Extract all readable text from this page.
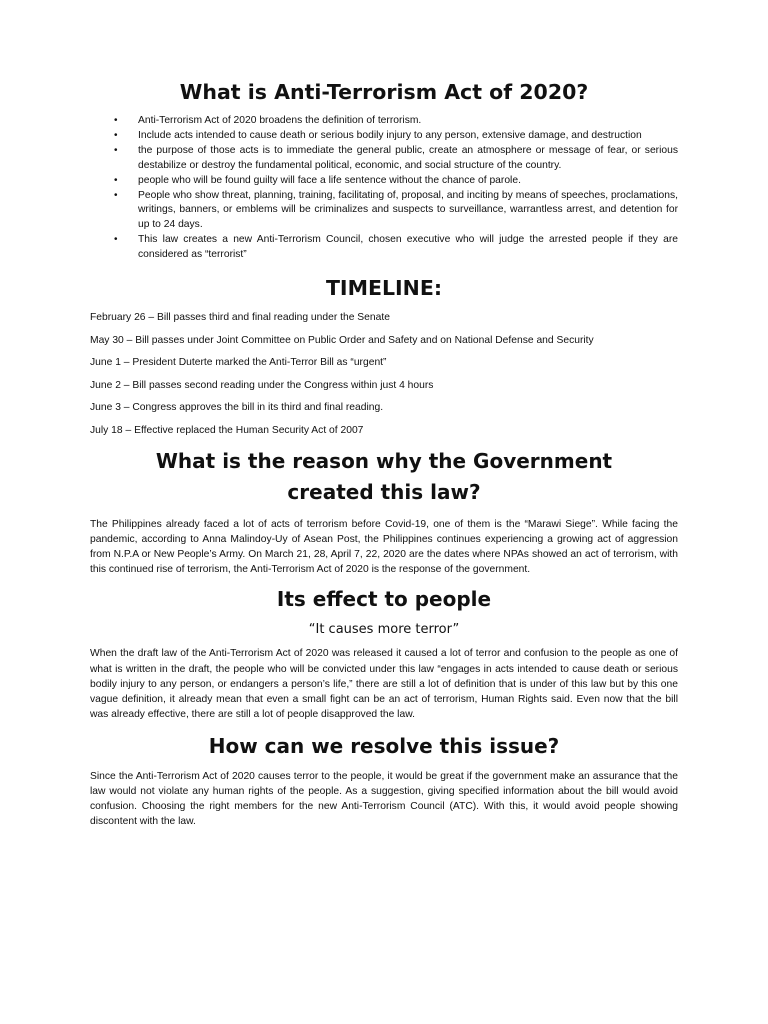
What is Anti-Terrorism Act of 2020?
• Anti-Terrorism Act of 2020 broadens the definition of terrorism.
• Include acts intended to cause death or serious bodily injury to any person, extensive damage, and destruction
• the purpose of those acts is to immediate the general public, create an atmosphere or message of fear, or serious destabilize or destroy the fundamental political, economic, and social structure of the country.
• people who will be found guilty will face a life sentence without the chance of parole.
• People who show threat, planning, training, facilitating of, proposal, and inciting by means of speeches, proclamations, writings, banners, or emblems will be criminalizes and suspects to surveillance, warrantless arrest, and detention for up to 24 days.
• This law creates a new Anti-Terrorism Council, chosen executive who will judge the arrested people if they are considered as “terrorist”
TIMELINE:

February 26 – Bill passes third and final reading under the Senate

May 30 – Bill passes under Joint Committee on Public Order and Safety and on National Defense and Security

June 1 – President Duterte marked the Anti-Terror Bill as “urgent”

June 2 – Bill passes second reading under the Congress within just 4 hours

June 3 – Congress approves the bill in its third and final reading.

July 18 – Effective replaced the Human Security Act of 2007

What is the reason why the Government
created this law?

The Philippines already faced a lot of acts of terrorism before Covid-19, one of them is the “Marawi Siege”. While facing the pandemic, according to Anna Malindoy-Uy of Asean Post, the Philippines continues experiencing a growing act of aggression from N.P.A or New People’s Army. On March 21, 28, April 7, 22, 2020 are the dates where NPAs showed an act of terrorism, with this continued rise of terrorism, the Anti-Terrorism Act of 2020 is the response of the government.

Its effect to people
“It causes more terror”

When the draft law of the Anti-Terrorism Act of 2020 was released it caused a lot of terror and confusion to the people as one of what is written in the draft, the people who will be convicted under this law “engages in acts intended to cause death or serious bodily injury to any person, or endangers a person’s life,” there are still a lot of definition that is under of this law but by this one vague definition, it already mean that even a small fight can be an act of terrorism, Human Rights said. Even now that the bill was already effective, there are still a lot of people disapproved the law.

How can we resolve this issue?

Since the Anti-Terrorism Act of 2020 causes terror to the people, it would be great if the government make an assurance that the law would not violate any human rights of the people. As a suggestion, giving specified information about the bill would avoid confusion. Choosing the right members for the new Anti-Terrorism Council (ATC). With this, it would avoid people showing discontent with the law.
